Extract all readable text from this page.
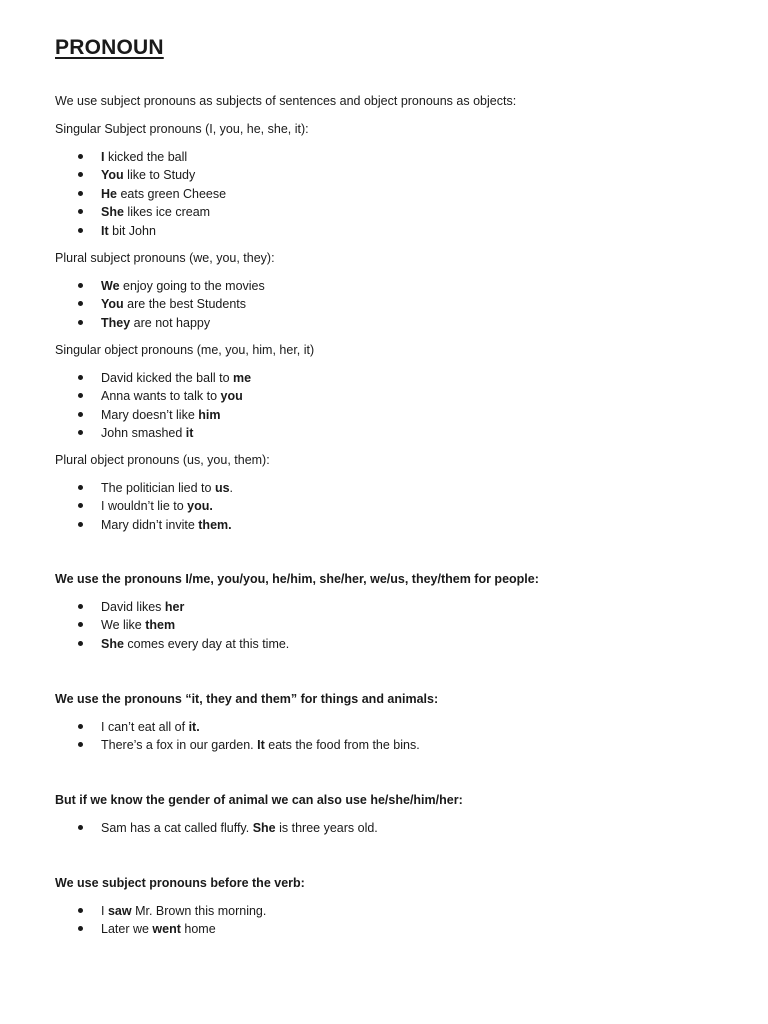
PRONOUN

We use subject pronouns as subjects of sentences and object pronouns as objects:

Singular Subject pronouns (I, you, he, she, it):

I kicked the ball
You like to Study
He eats green Cheese
She likes ice cream
It bit John

Plural subject pronouns (we, you, they):

We enjoy going to the movies
You are the best Students
They are not happy

Singular object pronouns (me, you, him, her, it)

David kicked the ball to me
Anna wants to talk to you
Mary doesn’t like him
John smashed it

Plural object pronouns (us, you, them):

The politician lied to us.
I wouldn’t lie to you.
Mary didn’t invite them.

We use the pronouns I/me, you/you, he/him, she/her, we/us, they/them for people:

David likes her
We like them
She comes every day at this time.

We use the pronouns “it, they and them” for things and animals:

I can’t eat all of it.
There’s a fox in our garden. It eats the food from the bins.

But if we know the gender of animal we can also use he/she/him/her:

Sam has a cat called fluffy. She is three years old.

We use subject pronouns before the verb:

I saw Mr. Brown this morning.
Later we went home
